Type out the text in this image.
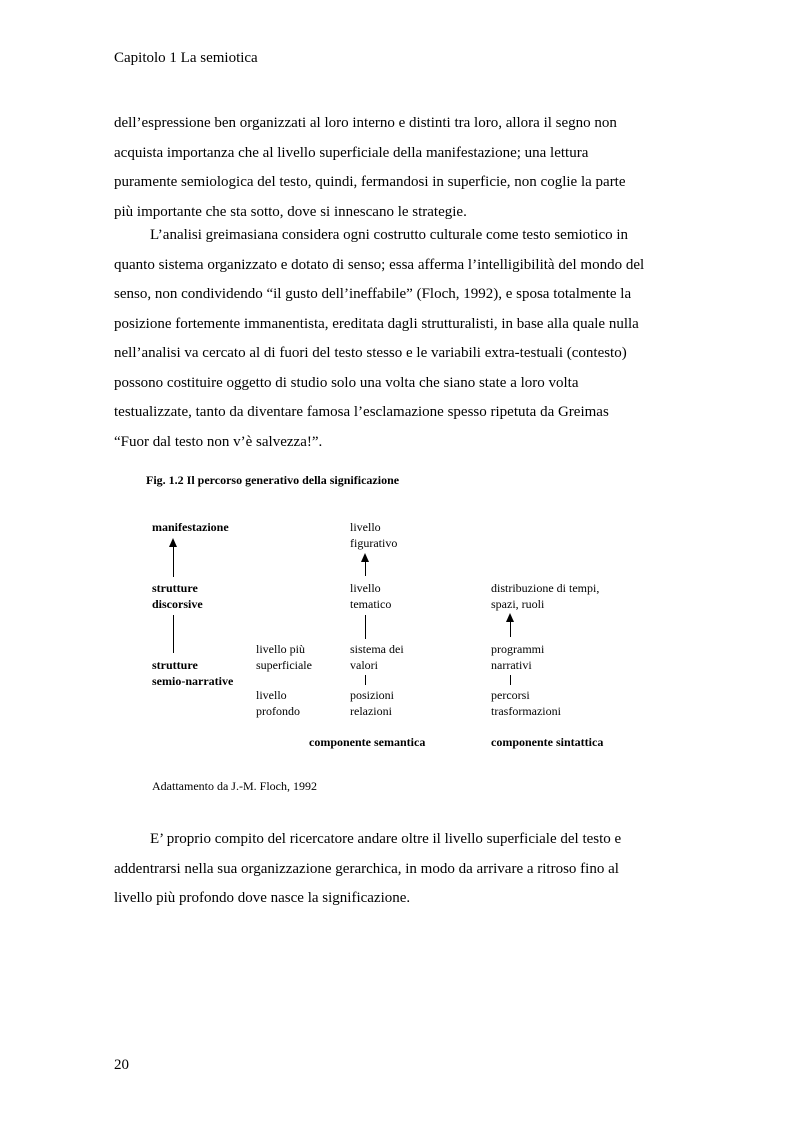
Capitolo 1 La semiotica
dell’espressione ben organizzati al loro interno e distinti tra loro, allora il segno non
acquista importanza che al livello superficiale della manifestazione; una lettura
puramente semiologica del testo, quindi, fermandosi in superficie, non coglie la parte
più importante che sta sotto, dove si innescano le strategie.
L’analisi greimasiana considera ogni costrutto culturale come testo semiotico in
quanto sistema organizzato e dotato di senso; essa afferma l’intelligibilità del mondo del
senso, non condividendo “il gusto dell’ineffabile” (Floch, 1992), e sposa totalmente la
posizione fortemente immanentista, ereditata dagli strutturalisti, in base alla quale nulla
nell’analisi va cercato al di fuori del testo stesso e le variabili extra-testuali (contesto)
possono costituire oggetto di studio solo una volta che siano state a loro volta
testualizzate, tanto da diventare famosa l’esclamazione spesso ripetuta da Greimas
“Fuor dal testo non v’è salvezza!”.
Fig. 1.2 Il percorso generativo della significazione
manifestazione
strutture
discorsive
strutture
semio-narrative
livello più
superficiale
livello
profondo
livello
figurativo
livello
tematico
sistema dei
valori
posizioni
relazioni
componente semantica
distribuzione di tempi,
spazi, ruoli
programmi
narrativi
percorsi
trasformazioni
componente sintattica
Adattamento da J.-M. Floch, 1992
E’ proprio compito del ricercatore andare oltre il livello superficiale del testo e
addentrarsi nella sua organizzazione gerarchica, in modo da arrivare a ritroso fino al
livello più profondo dove nasce la significazione.
20
